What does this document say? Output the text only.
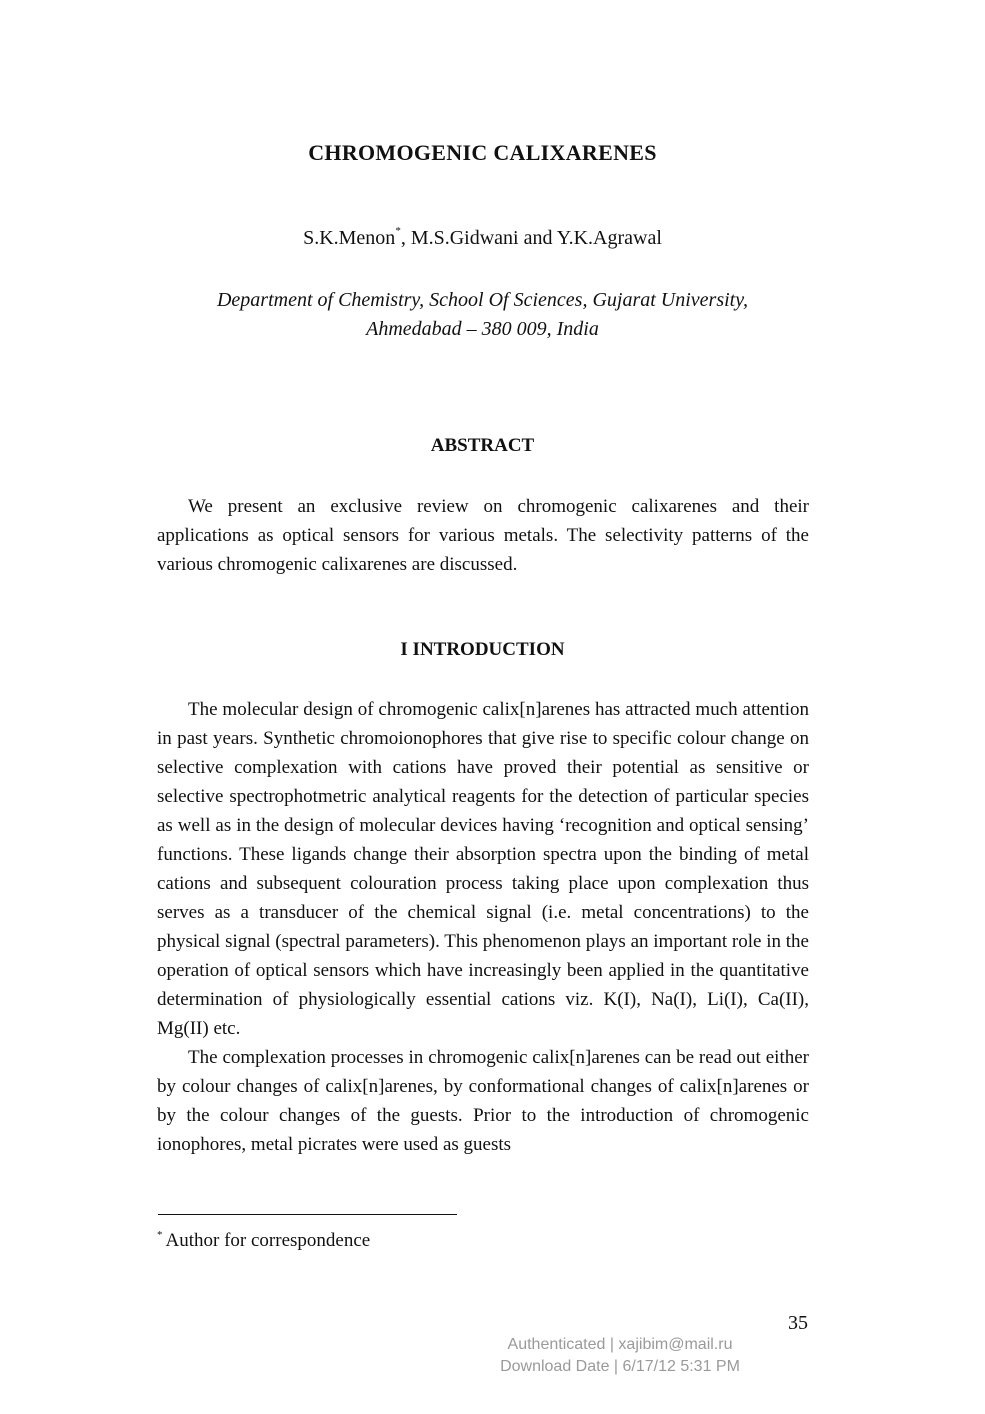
CHROMOGENIC CALIXARENES
S.K.Menon*, M.S.Gidwani and Y.K.Agrawal
Department of Chemistry, School Of Sciences, Gujarat University,
Ahmedabad – 380 009, India
ABSTRACT

We present an exclusive review on chromogenic calixarenes and their applications as optical sensors for various metals. The selectivity patterns of the various chromogenic calixarenes are discussed.

I INTRODUCTION

The molecular design of chromogenic calix[n]arenes has attracted much attention in past years. Synthetic chromoionophores that give rise to specific colour change on selective complexation with cations have proved their potential as sensitive or selective spectrophotmetric analytical reagents for the detection of particular species as well as in the design of molecular devices having ‘recognition and optical sensing’ functions. These ligands change their absorption spectra upon the binding of metal cations and subsequent colouration process taking place upon complexation thus serves as a transducer of the chemical signal (i.e. metal concentrations) to the physical signal (spectral parameters). This phenomenon plays an important role in the operation of optical sensors which have increasingly been applied in the quantitative determination of physiologically essential cations viz. K(I), Na(I), Li(I), Ca(II), Mg(II) etc.

The complexation processes in chromogenic calix[n]arenes can be read out either by colour changes of calix[n]arenes, by conformational changes of calix[n]arenes or by the colour changes of the guests. Prior to the introduction of chromogenic ionophores, metal picrates were used as guests

* Author for correspondence
35
Authenticated | xajibim@mail.ru
Download Date | 6/17/12 5:31 PM
